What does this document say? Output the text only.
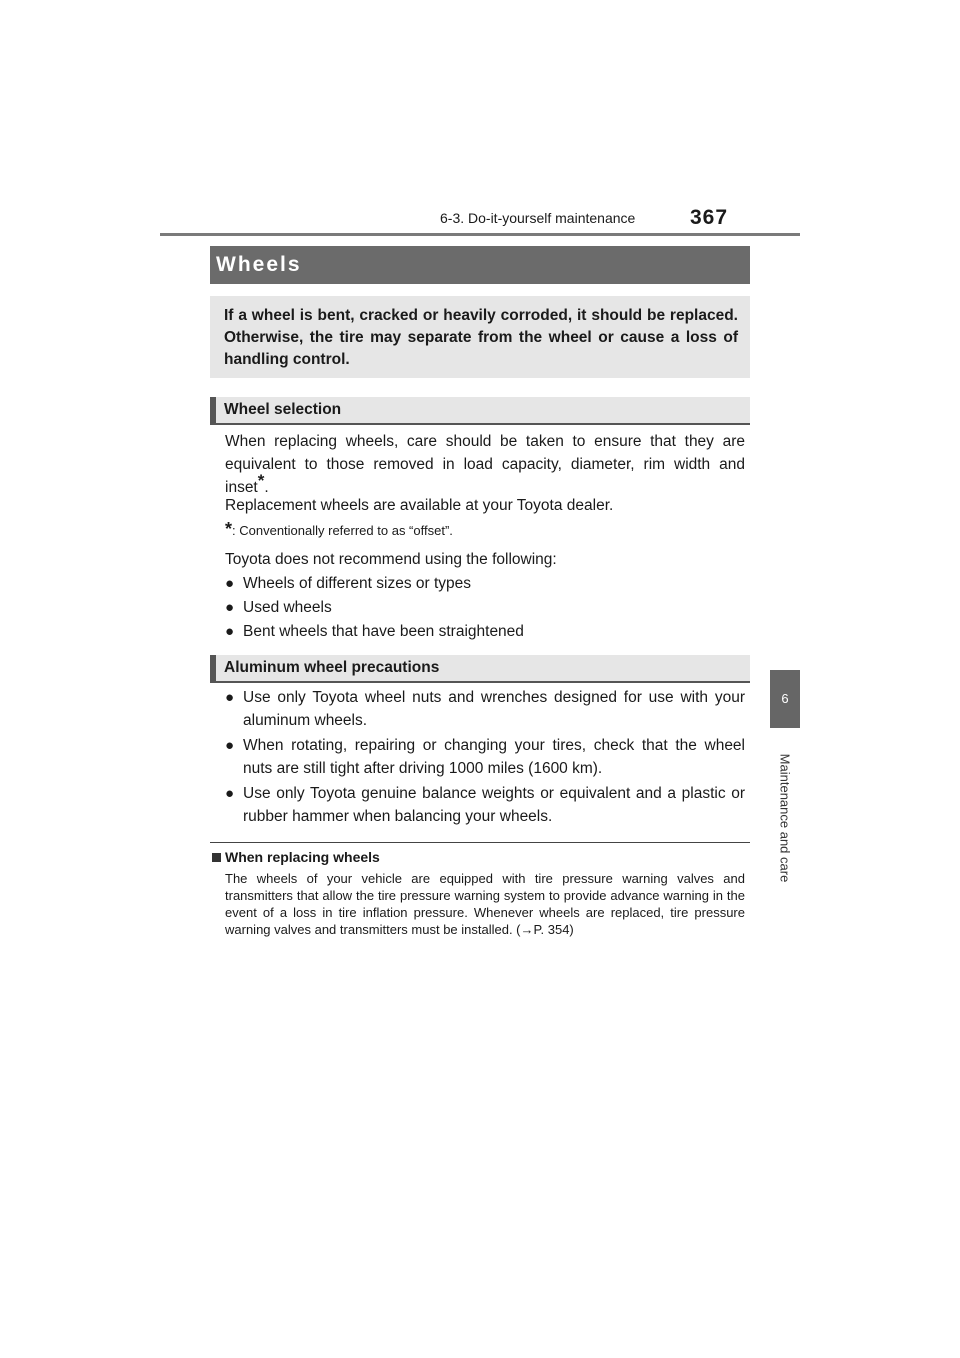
6-3. Do-it-yourself maintenance	367
6
Maintenance and care
Wheels
If a wheel is bent, cracked or heavily corroded, it should be replaced. Otherwise, the tire may separate from the wheel or cause a loss of handling control.
Wheel selection
When replacing wheels, care should be taken to ensure that they are equivalent to those removed in load capacity, diameter, rim width and inset*.
Replacement wheels are available at your Toyota dealer.
*: Conventionally referred to as “offset”.
Toyota does not recommend using the following:
● Wheels of different sizes or types
● Used wheels
● Bent wheels that have been straightened
Aluminum wheel precautions
● Use only Toyota wheel nuts and wrenches designed for use with your aluminum wheels.
● When rotating, repairing or changing your tires, check that the wheel nuts are still tight after driving 1000 miles (1600 km).
● Use only Toyota genuine balance weights or equivalent and a plastic or rubber hammer when balancing your wheels.
When replacing wheels
The wheels of your vehicle are equipped with tire pressure warning valves and transmitters that allow the tire pressure warning system to provide advance warning in the event of a loss in tire inflation pressure. Whenever wheels are replaced, tire pressure warning valves and transmitters must be installed. (→P. 354)
